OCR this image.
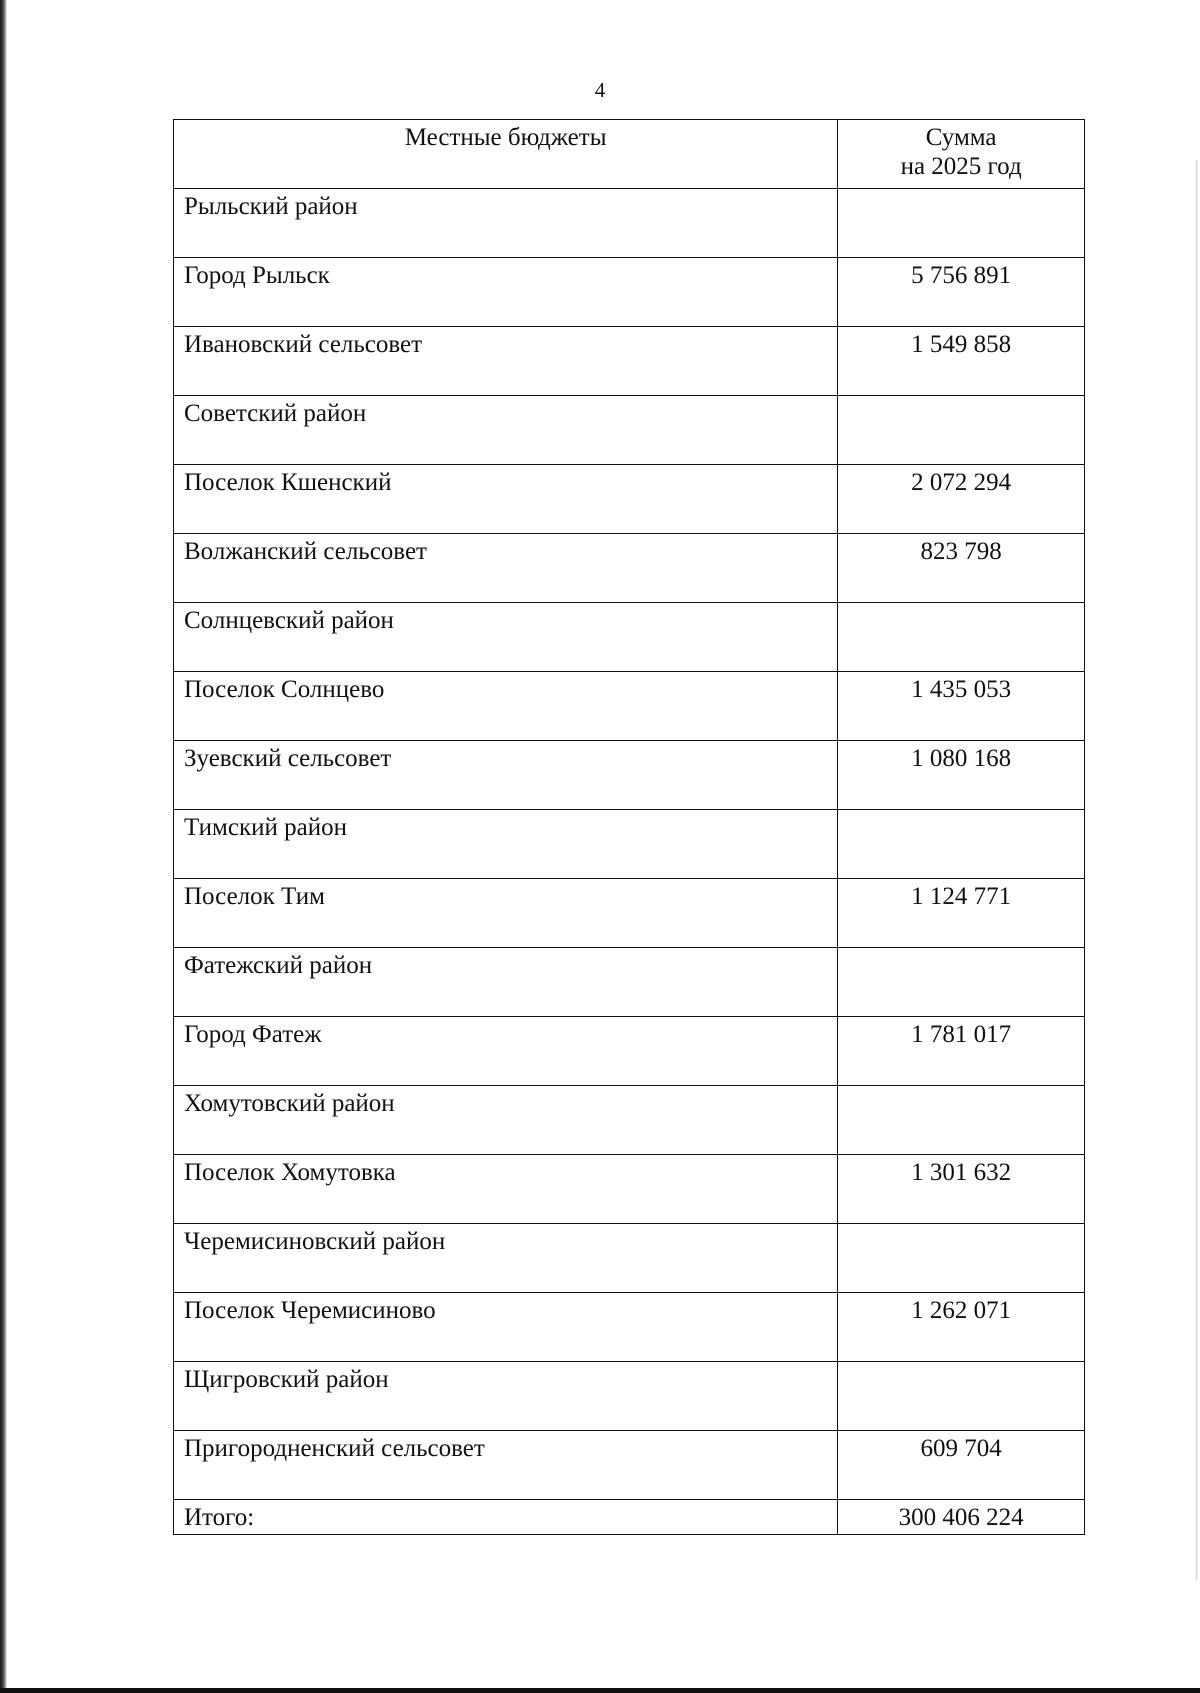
4
Местные бюджеты	Сумма
на 2025 год

Рыльский район	
Город Рыльск	5 756 891
Ивановский сельсовет	1 549 858
Советский район	
Поселок Кшенский	2 072 294
Волжанский сельсовет	823 798
Солнцевский район	
Поселок Солнцево	1 435 053
Зуевский сельсовет	1 080 168
Тимский район	
Поселок Тим	1 124 771
Фатежский район	
Город Фатеж	1 781 017
Хомутовский район	
Поселок Хомутовка	1 301 632
Черемисиновский район	
Поселок Черемисиново	1 262 071
Щигровский район	
Пригородненский сельсовет	609 704
Итого:	300 406 224
